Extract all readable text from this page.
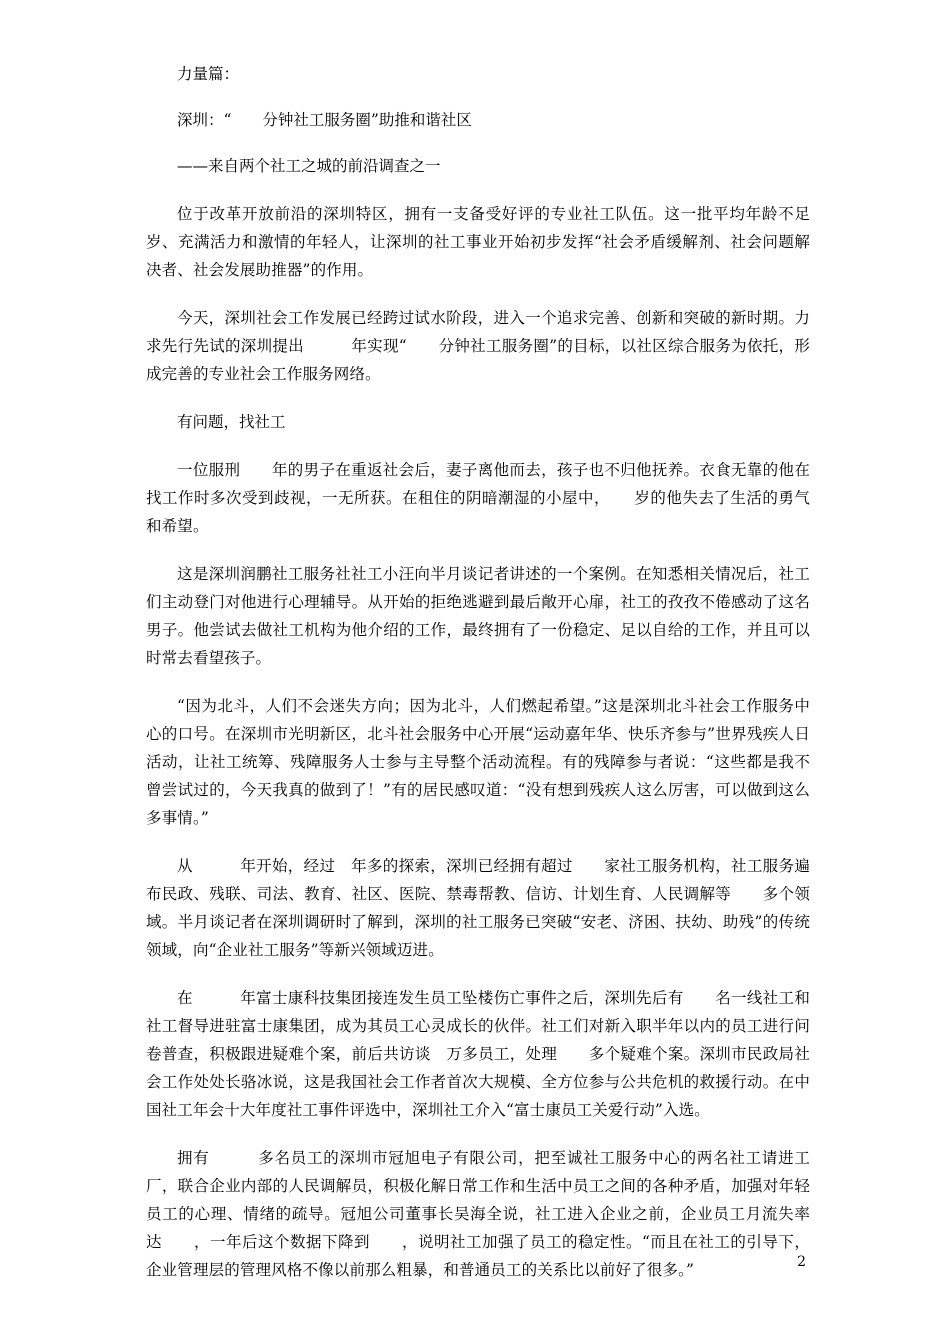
力量篇：

深圳：“　　分钟社工服务圈”助推和谐社区

——来自两个社工之城的前沿调查之一

位于改革开放前沿的深圳特区，拥有一支备受好评的专业社工队伍。这一批平均年龄不足　　岁、充满活力和激情的年轻人，让深圳的社工事业开始初步发挥“社会矛盾缓解剂、社会问题解决者、社会发展助推器”的作用。

今天，深圳社会工作发展已经跨过试水阶段，进入一个追求完善、创新和突破的新时期。力求先行先试的深圳提出　　　年实现“　　分钟社工服务圈”的目标，以社区综合服务为依托，形成完善的专业社会工作服务网络。

有问题，找社工

一位服刑　　年的男子在重返社会后，妻子离他而去，孩子也不归他抚养。衣食无靠的他在找工作时多次受到歧视，一无所获。在租住的阴暗潮湿的小屋中，　　岁的他失去了生活的勇气和希望。

这是深圳润鹏社工服务社社工小汪向半月谈记者讲述的一个案例。在知悉相关情况后，社工们主动登门对他进行心理辅导。从开始的拒绝逃避到最后敞开心扉，社工的孜孜不倦感动了这名男子。他尝试去做社工机构为他介绍的工作，最终拥有了一份稳定、足以自给的工作，并且可以时常去看望孩子。

“因为北斗，人们不会迷失方向；因为北斗，人们燃起希望。”这是深圳北斗社会工作服务中心的口号。在深圳市光明新区，北斗社会服务中心开展“运动嘉年华、快乐齐参与”世界残疾人日活动，让社工统筹、残障服务人士参与主导整个活动流程。有的残障参与者说：“这些都是我不曾尝试过的，今天我真的做到了！”有的居民感叹道：“没有想到残疾人这么厉害，可以做到这么多事情。”

从　　　年开始，经过　年多的探索，深圳已经拥有超过　　家社工服务机构，社工服务遍布民政、残联、司法、教育、社区、医院、禁毒帮教、信访、计划生育、人民调解等　　多个领域。半月谈记者在深圳调研时了解到，深圳的社工服务已突破“安老、济困、扶幼、助残”的传统领域，向“企业社工服务”等新兴领域迈进。

在　　　年富士康科技集团接连发生员工坠楼伤亡事件之后，深圳先后有　　名一线社工和社工督导进驻富士康集团，成为其员工心灵成长的伙伴。社工们对新入职半年以内的员工进行问卷普查，积极跟进疑难个案，前后共访谈　万多员工，处理　　多个疑难个案。深圳市民政局社会工作处处长骆冰说，这是我国社会工作者首次大规模、全方位参与公共危机的救援行动。在中国社工年会十大年度社工事件评选中，深圳社工介入“富士康员工关爱行动”入选。

拥有　　　多名员工的深圳市冠旭电子有限公司，把至诚社工服务中心的两名社工请进工厂，联合企业内部的人民调解员，积极化解日常工作和生活中员工之间的各种矛盾，加强对年轻员工的心理、情绪的疏导。冠旭公司董事长吴海全说，社工进入企业之前，企业员工月流失率达　　，一年后这个数据下降到　　，说明社工加强了员工的稳定性。“而且在社工的引导下，企业管理层的管理风格不像以前那么粗暴，和普通员工的关系比以前好了很多。”	2
